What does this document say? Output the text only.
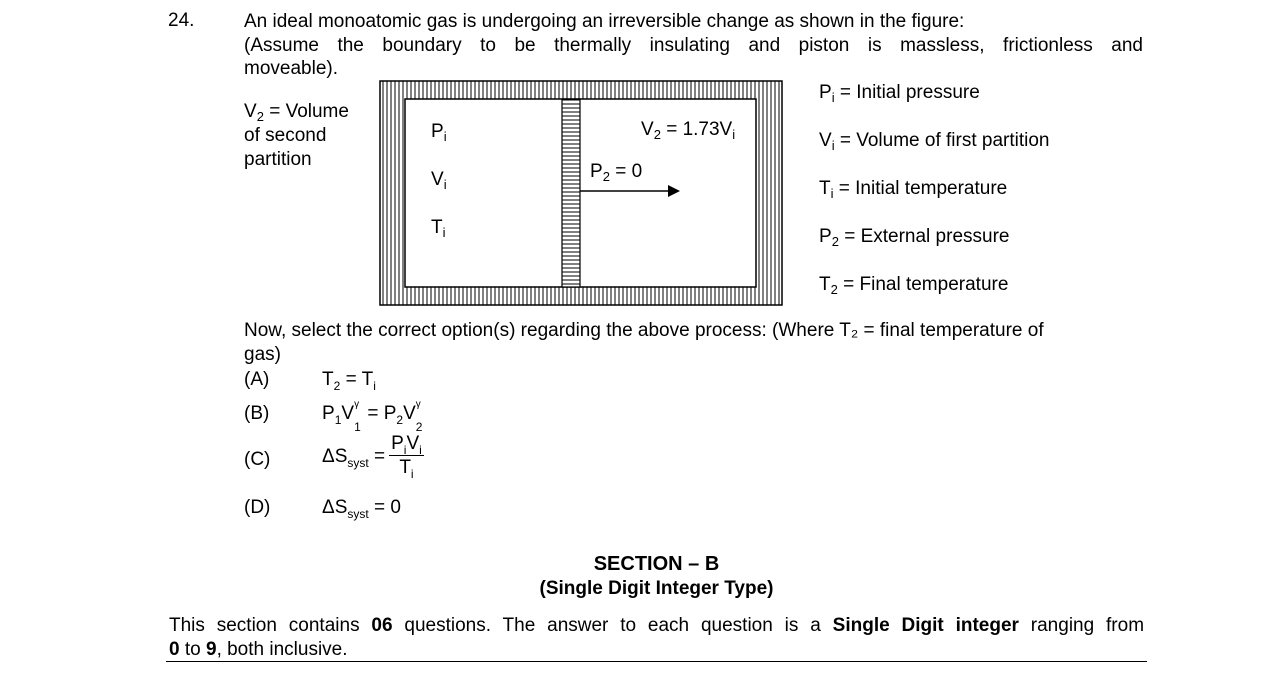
24.	An ideal monoatomic gas is undergoing an irreversible change as shown in the figure:
(Assume the boundary to be thermally insulating and piston is massless, frictionless and
moveable).
$V_2$ = Volume
of second
partition
$P_i$
$V_i$
$T_i$
$V_2 = 1.73V_i$
$P_2 = 0$
$P_i$ = Initial pressure
$V_i$ = Volume of first partition
$T_i$ = Initial temperature
$P_2$ = External pressure
$T_2$ = Final temperature
Now, select the correct option(s) regarding the above process: (Where T₂ = final temperature of
gas)
(A)	$T_2 = T_i$
(B)	$P_1V$ γ
1
= $P_2V$ γ
2
(C)	$\Delta S_{syst} = \frac{P_iV_i}{T_i}$
(D)	$\Delta S_{syst} = 0$
SECTION – B
(Single Digit Integer Type)
This section contains 06 questions. The answer to each question is a Single Digit integer ranging from
0 to 9, both inclusive.
